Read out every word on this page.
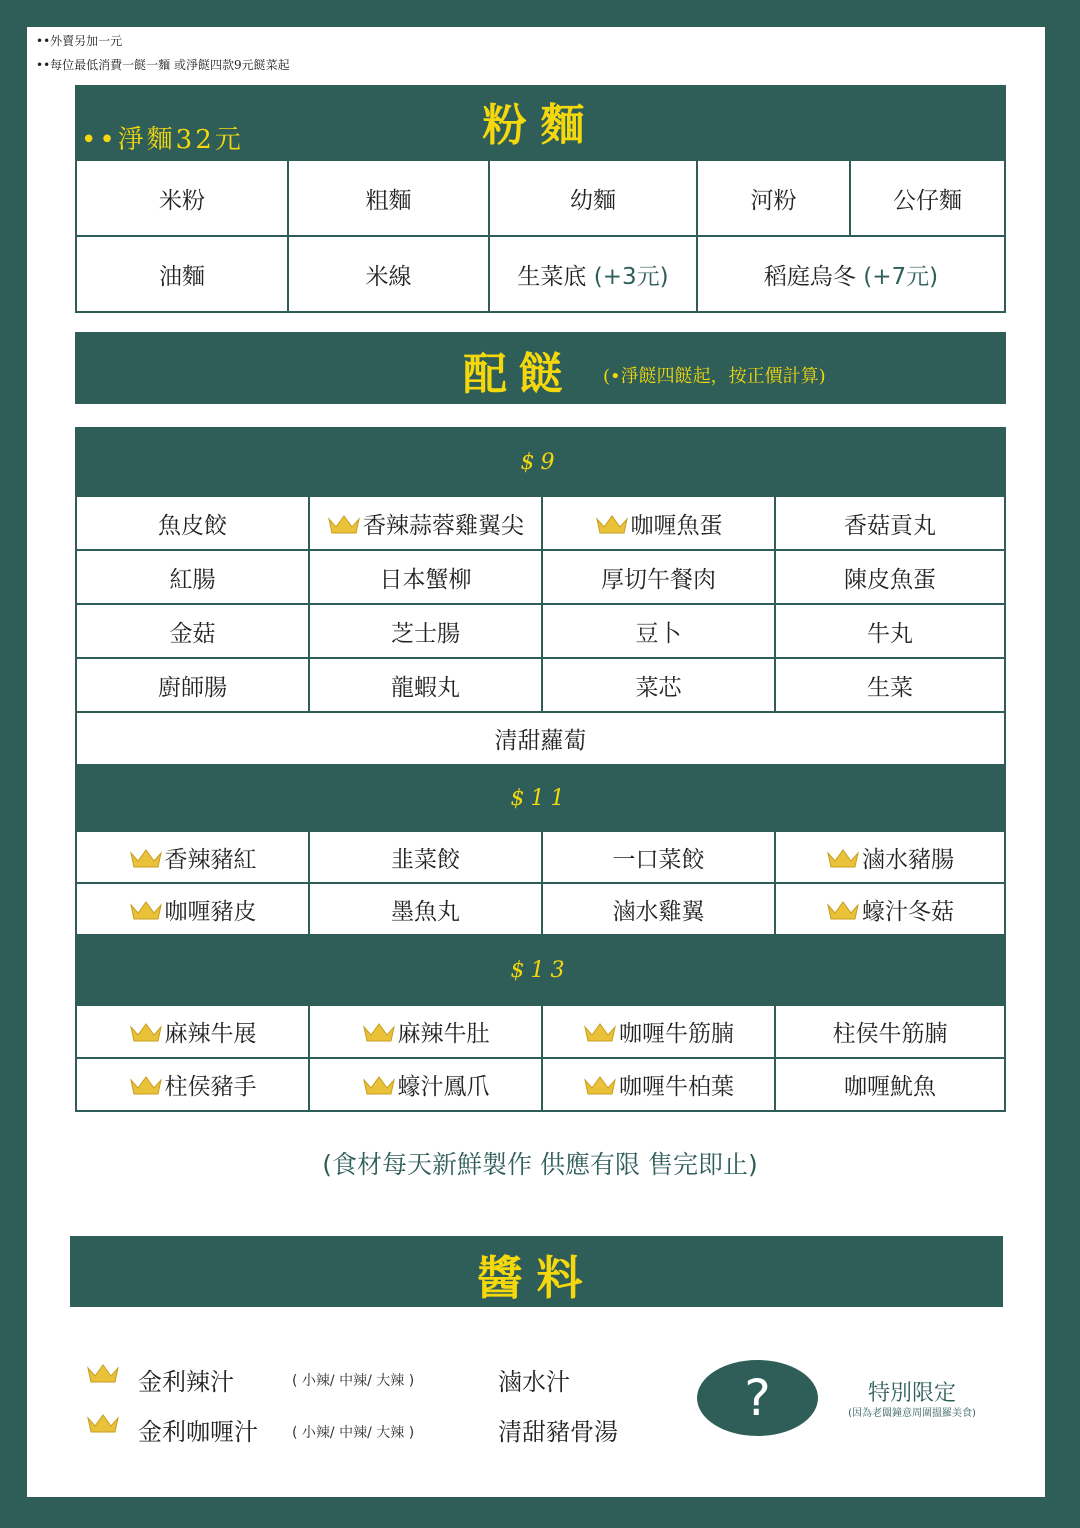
••外賣另加一元
••每位最低消費一餸一麵 或淨餸四款9元餸菜起
粉麵
••淨麵32元
米粉	粗麵	幼麵	河粉	公仔麵
油麵	米線	生菜底 (+3元)	稻庭烏冬 (+7元)	
配餸 (•淨餸四餸起，按正價計算)
$9			
魚皮餃	香辣蒜蓉雞翼尖	咖喱魚蛋	香菇貢丸
紅腸	日本蟹柳	厚切午餐肉	陳皮魚蛋
金菇	芝士腸	豆卜	牛丸
廚師腸	龍蝦丸	菜芯	生菜
清甜蘿蔔			
$11			
香辣豬紅	韭菜餃	一口菜餃	滷水豬腸
咖喱豬皮	墨魚丸	滷水雞翼	蠔汁冬菇
$13			
麻辣牛展	麻辣牛肚	咖喱牛筋腩	柱侯牛筋腩
柱侯豬手	蠔汁鳳爪	咖喱牛柏葉	咖喱魷魚
(食材每天新鮮製作 供應有限 售完即止)
醬料
金利辣汁	( 小辣/ 中辣/ 大辣 )
金利咖喱汁 ( 小辣/ 中辣/ 大辣 )
滷水汁
清甜豬骨湯
?	特別限定
(因為老闆鐘意周圍搵羅美食)
